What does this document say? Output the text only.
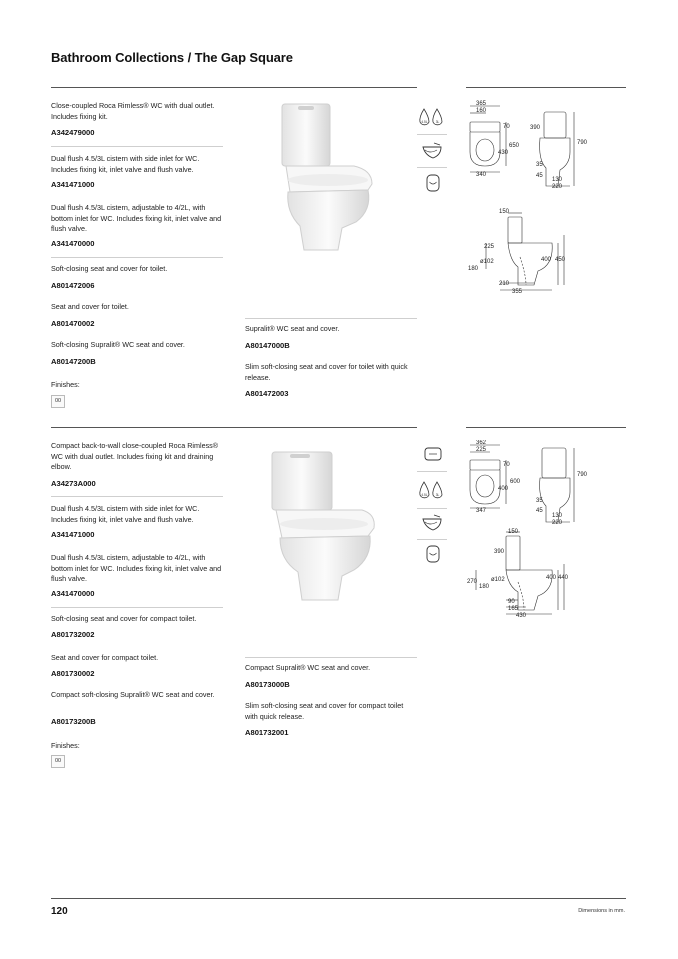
Bathroom Collections / The Gap Square
Close-coupled Roca Rimless® WC with dual outlet. Includes fixing kit.
A342479000
Dual flush 4.5/3L cistern with side inlet for WC. Includes fixing kit, inlet valve and flush valve.
A341471000
Dual flush 4.5/3L cistern, adjustable to 4/2L, with bottom inlet for WC. Includes fixing kit, inlet valve and flush valve.
A341470000
Soft-closing seat and cover for toilet.
A801472006
Seat and cover for toilet.
A801470002
Soft-closing Supralit® WC seat and cover.
A80147200B
Finishes:
00
4.5L	3L
365
160
70
650
430
340
390
790
35
45
130
220
150
225
ø102
180
400 450
210
355
Supralit® WC seat and cover.
A80147000B
Slim soft-closing seat and cover for toilet with quick release.
A801472003
Compact back-to-wall close-coupled Roca Rimless® WC with dual outlet. Includes fixing kit and draining elbow.
A34273A000
Dual flush 4.5/3L cistern with side inlet for WC. Includes fixing kit, inlet valve and flush valve.
A341471000
Dual flush 4.5/3L cistern, adjustable to 4/2L, with bottom inlet for WC. Includes fixing kit, inlet valve and flush valve.
A341470000
Soft-closing seat and cover for compact toilet.
A801732002
Seat and cover for compact toilet.
A801730002
Compact soft-closing Supralit® WC seat and cover.
A80173200B
Finishes:
00
4.5L	3L
362
225
70
600
400
347
790
35
45
130
220
150
390
270
180
ø102	400 440
90
165
430
Compact Supralit® WC seat and cover.
A80173000B
Slim soft-closing seat and cover for compact toilet with quick release.
A801732001
120	Dimensions in mm.
